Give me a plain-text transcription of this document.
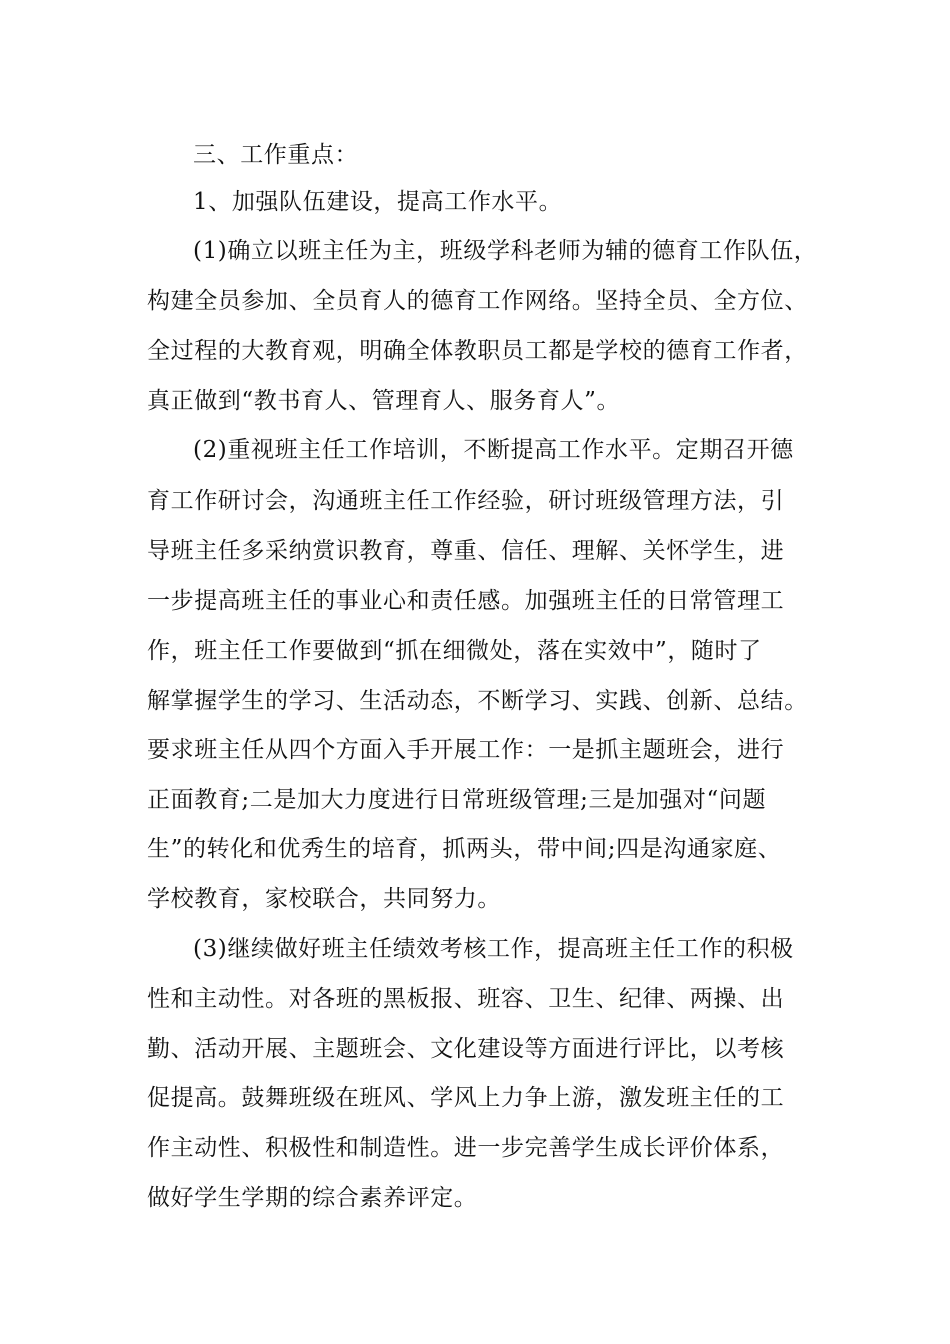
三、工作重点：
1、加强队伍建设，提高工作水平。
(1)确立以班主任为主，班级学科老师为辅的德育工作队伍，
构建全员参加、全员育人的德育工作网络。坚持全员、全方位、
全过程的大教育观，明确全体教职员工都是学校的德育工作者，
真正做到“教书育人、管理育人、服务育人”。
(2)重视班主任工作培训，不断提高工作水平。定期召开德
育工作研讨会，沟通班主任工作经验，研讨班级管理方法，引
导班主任多采纳赏识教育，尊重、信任、理解、关怀学生，进
一步提高班主任的事业心和责任感。加强班主任的日常管理工
作，班主任工作要做到“抓在细微处，落在实效中”，随时了
解掌握学生的学习、生活动态，不断学习、实践、创新、总结。
要求班主任从四个方面入手开展工作：一是抓主题班会，进行
正面教育;二是加大力度进行日常班级管理;三是加强对“问题
生”的转化和优秀生的培育，抓两头，带中间;四是沟通家庭、
学校教育，家校联合，共同努力。
(3)继续做好班主任绩效考核工作，提高班主任工作的积极
性和主动性。对各班的黑板报、班容、卫生、纪律、两操、出
勤、活动开展、主题班会、文化建设等方面进行评比，以考核
促提高。鼓舞班级在班风、学风上力争上游，激发班主任的工
作主动性、积极性和制造性。进一步完善学生成长评价体系，
做好学生学期的综合素养评定。
